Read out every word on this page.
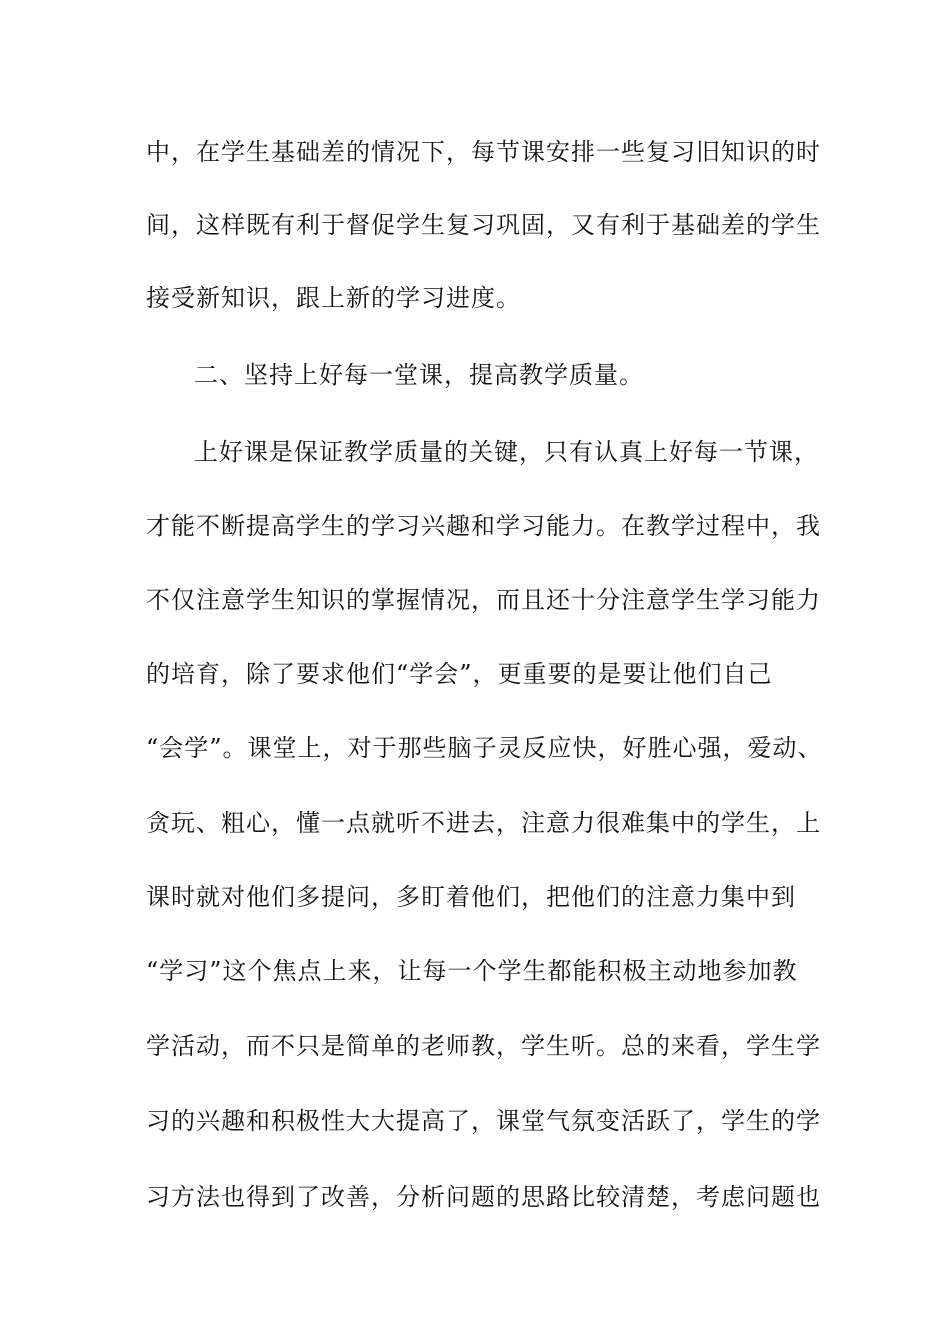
中，在学生基础差的情况下，每节课安排一些复习旧知识的时
间，这样既有利于督促学生复习巩固，又有利于基础差的学生
接受新知识，跟上新的学习进度。
二、坚持上好每一堂课，提高教学质量。
上好课是保证教学质量的关键，只有认真上好每一节课，
才能不断提高学生的学习兴趣和学习能力。在教学过程中，我
不仅注意学生知识的掌握情况，而且还十分注意学生学习能力
的培育，除了要求他们“学会”，更重要的是要让他们自己
“会学”。课堂上，对于那些脑子灵反应快，好胜心强，爱动、
贪玩、粗心，懂一点就听不进去，注意力很难集中的学生，上
课时就对他们多提问，多盯着他们，把他们的注意力集中到
“学习”这个焦点上来，让每一个学生都能积极主动地参加教
学活动，而不只是简单的老师教，学生听。总的来看，学生学
习的兴趣和积极性大大提高了，课堂气氛变活跃了，学生的学
习方法也得到了改善，分析问题的思路比较清楚，考虑问题也
